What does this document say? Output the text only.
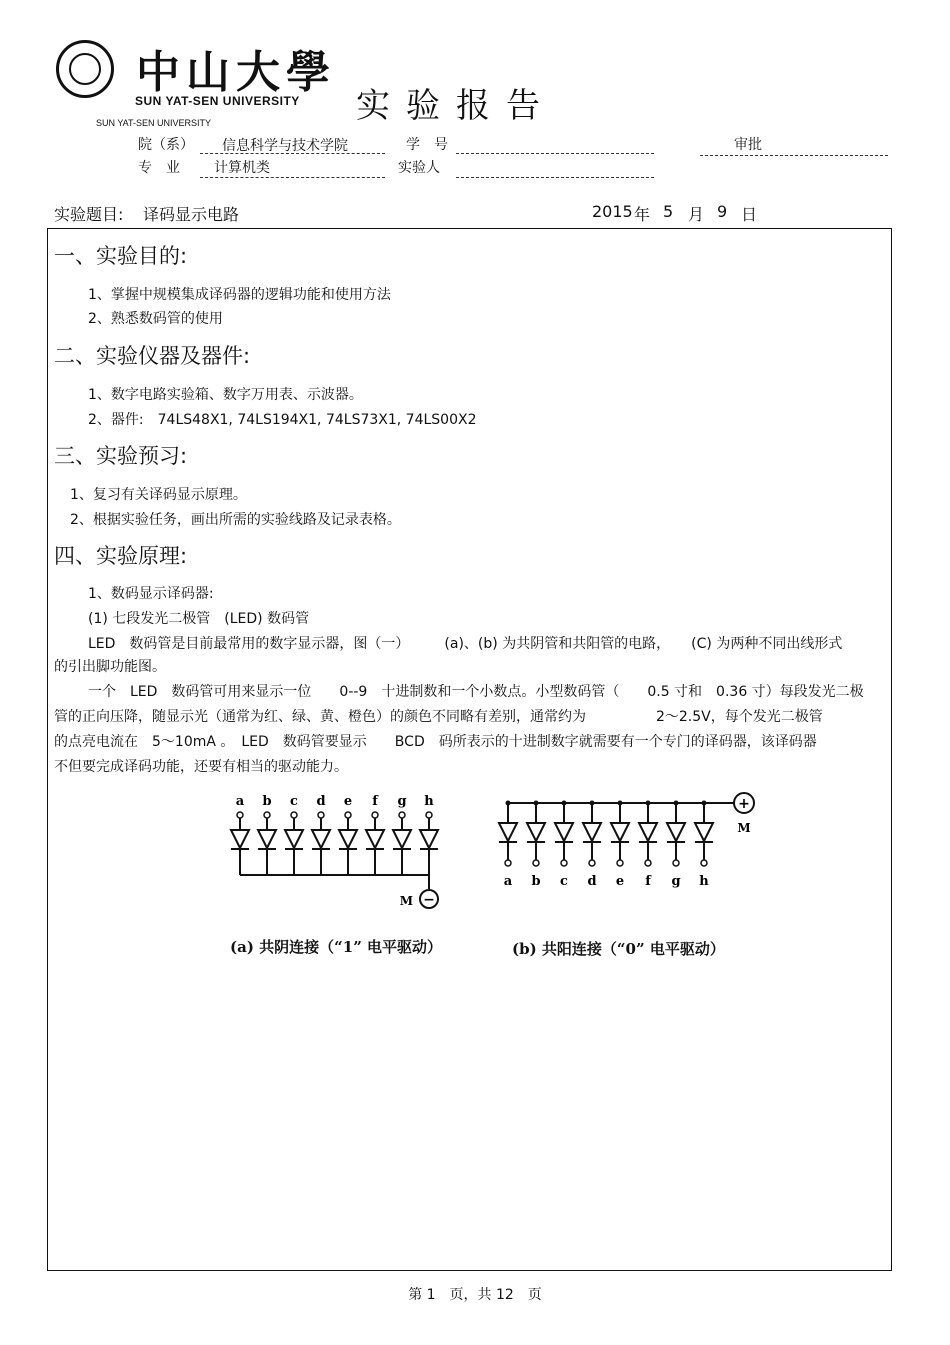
中山大學
SUN YAT-SEN UNIVERSITY
SUN YAT-SEN UNIVERSITY	实验报告
院（系） 信息科学与技术学院	学　号	审批
专　业 计算机类	实验人
实验题目: 译码显示电路	2015 年 5 月 9 日
一、实验目的:
1、掌握中规模集成译码器的逻辑功能和使用方法
2、熟悉数码管的使用
二、实验仪器及器件:
1、数字电路实验箱、数字万用表、示波器。
2、器件:　74LS48X1, 74LS194X1, 74LS73X1, 74LS00X2
三、实验预习:
1、复习有关译码显示原理。
2、根据实验任务，画出所需的实验线路及记录表格。
四、实验原理:
1、数码显示译码器:
(1) 七段发光二极管　(LED) 数码管
LED　数码管是目前最常用的数字显示器，图（一）　　　(a)、(b) 为共阴管和共阳管的电路，　　(C) 为两种不同出线形式
的引出脚功能图。
一个　LED　数码管可用来显示一位　　0--9　十进制数和一个小数点。小型数码管（　　0.5 寸和　0.36 寸）每段发光二极
管的正向压降，随显示光（通常为红、绿、黄、橙色）的颜色不同略有差别，通常约为　　　　　2～2.5V，每个发光二极管
的点亮电流在　5～10mA 。　LED　数码管要显示　　BCD　码所表示的十进制数字就需要有一个专门的译码器，该译码器
不但要完成译码功能，还要有相当的驱动能力。
a b c d e f g h
−
M
+
M
a b c d e f g h
(a) 共阴连接（“1” 电平驱动）	(b) 共阳连接（“0” 电平驱动）
第 1　页，共 12　页
